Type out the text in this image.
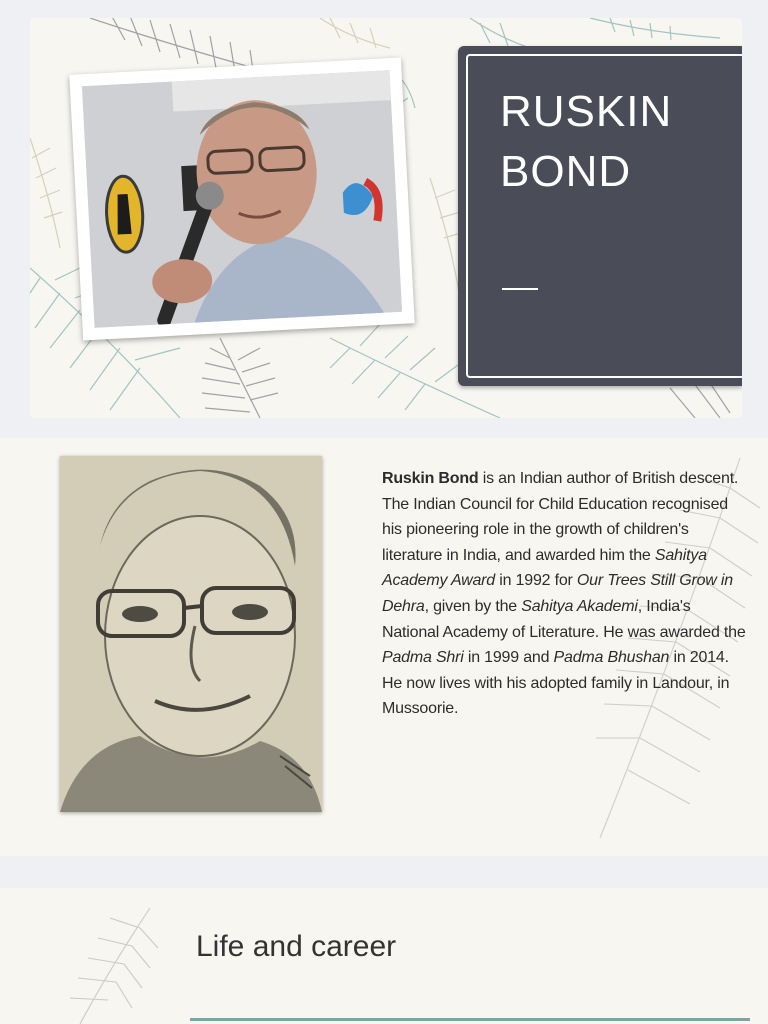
RUSKIN
BOND
Ruskin Bond is an Indian author of British descent.
The Indian Council for Child Education recognised his pioneering role in the growth of children's literature in India, and awarded him the Sahitya Academy Award in 1992 for Our Trees Still Grow in Dehra, given by the Sahitya Akademi, India's National Academy of Literature. He was awarded the Padma Shri in 1999 and Padma Bhushan in 2014. He now lives with his adopted family in Landour, in Mussoorie.
Life and career
